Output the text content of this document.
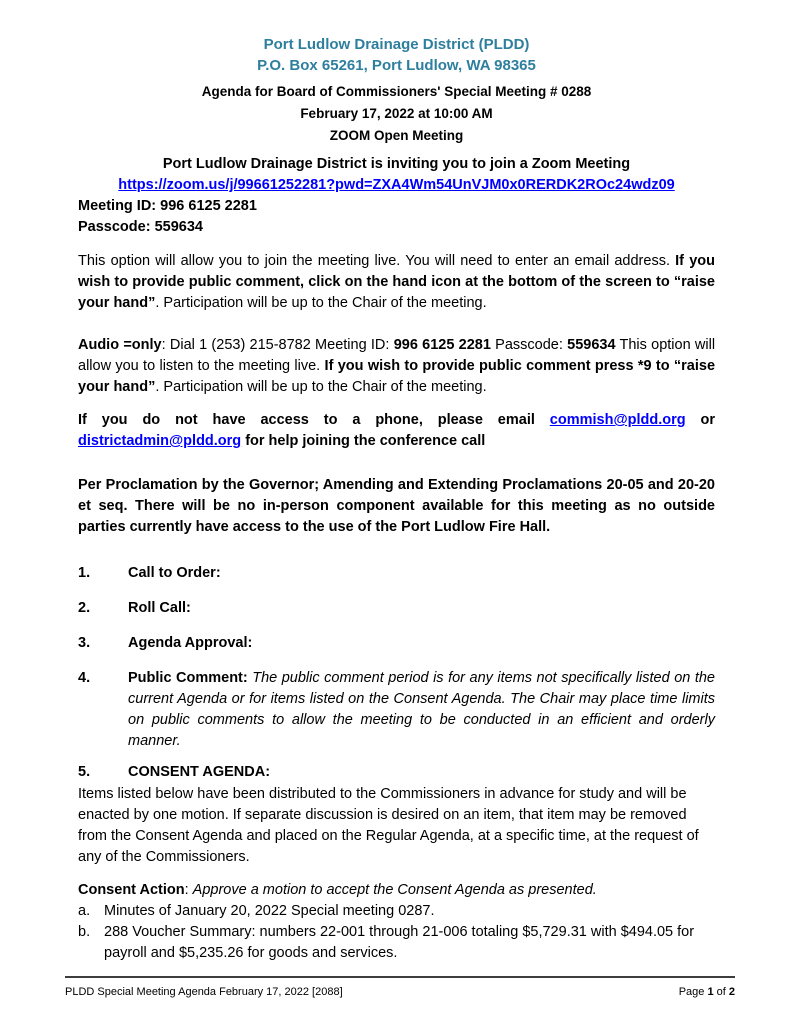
Port Ludlow Drainage District (PLDD)
P.O. Box 65261, Port Ludlow, WA 98365
Agenda for Board of Commissioners' Special Meeting # 0288
February 17, 2022 at 10:00 AM
ZOOM Open Meeting
Port Ludlow Drainage District is inviting you to join a Zoom Meeting
https://zoom.us/j/99661252281?pwd=ZXA4Wm54UnVJM0x0RERDK2ROc24wdz09
Meeting ID: 996 6125 2281
Passcode: 559634

This option will allow you to join the meeting live. You will need to enter an email address. If you wish to provide public comment, click on the hand icon at the bottom of the screen to “raise your hand”. Participation will be up to the Chair of the meeting.

Audio =only: Dial 1 (253) 215-8782 Meeting ID: 996 6125 2281 Passcode: 559634 This option will allow you to listen to the meeting live. If you wish to provide public comment press *9 to “raise your hand”. Participation will be up to the Chair of the meeting.

If you do not have access to a phone, please email commish@pldd.org or districtadmin@pldd.org for help joining the conference call

Per Proclamation by the Governor; Amending and Extending Proclamations 20-05 and 20-20 et seq. There will be no in-person component available for this meeting as no outside parties currently have access to the use of the Port Ludlow Fire Hall.

1.	Call to Order:
2.	Roll Call:
3.	Agenda Approval:
4.	Public Comment: The public comment period is for any items not specifically listed on the current Agenda or for items listed on the Consent Agenda. The Chair may place time limits on public comments to allow the meeting to be conducted in an efficient and orderly manner.
5.	CONSENT AGENDA:
Items listed below have been distributed to the Commissioners in advance for study and will be enacted by one motion. If separate discussion is desired on an item, that item may be removed from the Consent Agenda and placed on the Regular Agenda, at a specific time, at the request of any of the Commissioners.
Consent Action: Approve a motion to accept the Consent Agenda as presented.
a. Minutes of January 20, 2022 Special meeting 0287.
b. 288 Voucher Summary: numbers 22-001 through 21-006 totaling $5,729.31 with $494.05 for payroll and $5,235.26 for goods and services.
PLDD Special Meeting Agenda February 17, 2022 [2088]	Page 1 of 2
